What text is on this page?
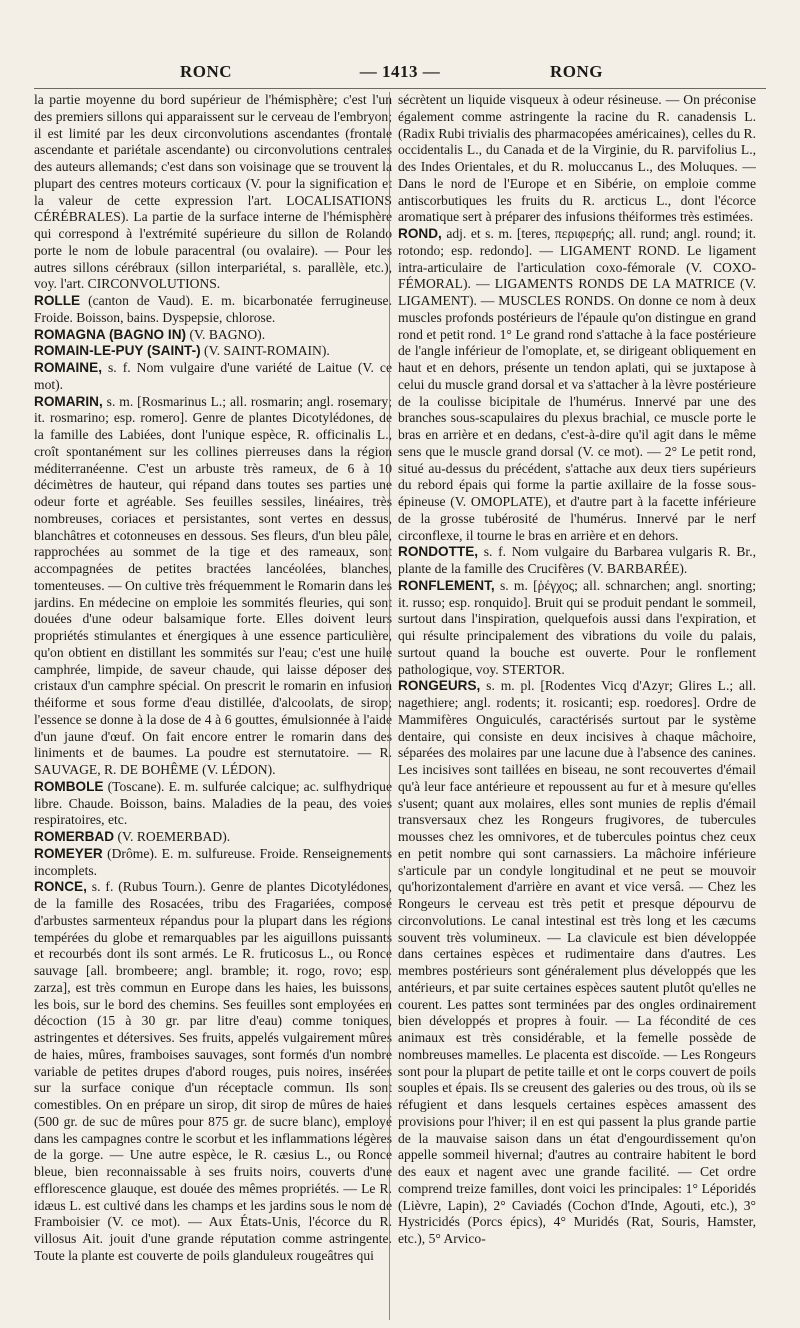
RONC	— 1413 —	RONG

la partie moyenne du bord supérieur de l'hémisphère; c'est l'un des premiers sillons qui apparaissent sur le cerveau de l'embryon; il est limité par les deux circonvolutions ascendantes (frontale ascendante et pariétale ascendante) ou circonvolutions centrales des auteurs allemands; c'est dans son voisinage que se trouvent la plupart des centres moteurs corticaux (V. pour la signification et la valeur de cette expression l'art. LOCALISATIONS CÉRÉBRALES). La partie de la surface interne de l'hémisphère qui correspond à l'extrémité supérieure du sillon de Rolando porte le nom de lobule paracentral (ou ovalaire). — Pour les autres sillons cérébraux (sillon interpariétal, s. parallèle, etc.), voy. l'art. CIRCONVOLUTIONS.

ROLLE

(canton de Vaud). E. m. bicarbonatée ferrugineuse. Froide. Boisson, bains. Dyspepsie, chlorose.

ROMAGNA (BAGNO IN)

(V. BAGNO).

ROMAIN-LE-PUY (SAINT-)

(V. SAINT-ROMAIN).

ROMAINE,

s. f. Nom vulgaire d'une variété de Laitue (V. ce mot).

ROMARIN,

s. m. [Rosmarinus L.; all. rosmarin; angl. rosemary; it. rosmarino; esp. romero]. Genre de plantes Dicotylédones, de la famille des Labiées, dont l'unique espèce, R. officinalis L., croît spontanément sur les collines pierreuses dans la région méditerranéenne. C'est un arbuste très rameux, de 6 à 10 décimètres de hauteur, qui répand dans toutes ses parties une odeur forte et agréable. Ses feuilles sessiles, linéaires, très nombreuses, coriaces et persistantes, sont vertes en dessus, blanchâtres et cotonneuses en dessous. Ses fleurs, d'un bleu pâle, rapprochées au sommet de la tige et des rameaux, sont accompagnées de petites bractées lancéolées, blanches, tomenteuses. — On cultive très fréquemment le Romarin dans les jardins. En médecine on emploie les sommités fleuries, qui sont douées d'une odeur balsamique forte. Elles doivent leurs propriétés stimulantes et énergiques à une essence particulière, qu'on obtient en distillant les sommités sur l'eau; c'est une huile camphrée, limpide, de saveur chaude, qui laisse déposer des cristaux d'un camphre spécial. On prescrit le romarin en infusion théiforme et sous forme d'eau distillée, d'alcoolats, de sirop; l'essence se donne à la dose de 4 à 6 gouttes, émulsionnée à l'aide d'un jaune d'œuf. On fait encore entrer le romarin dans des liniments et de baumes. La poudre est sternutatoire. — R. SAUVAGE, R. DE BOHÊME (V. LÉDON).

ROMBOLE

(Toscane). E. m. sulfurée calcique; ac. sulfhydrique libre. Chaude. Boisson, bains. Maladies de la peau, des voies respiratoires, etc.

ROMERBAD

(V. ROEMERBAD).

ROMEYER

(Drôme). E. m. sulfureuse. Froide. Renseignements incomplets.

RONCE,

s. f. (Rubus Tourn.). Genre de plantes Dicotylédones, de la famille des Rosacées, tribu des Fragariées, composé d'arbustes sarmenteux répandus pour la plupart dans les régions tempérées du globe et remarquables par les aiguillons puissants et recourbés dont ils sont armés. Le R. fruticosus L., ou Ronce sauvage [all. brombeere; angl. bramble; it. rogo, rovo; esp. zarza], est très commun en Europe dans les haies, les buissons, les bois, sur le bord des chemins. Ses feuilles sont employées en décoction (15 à 30 gr. par litre d'eau) comme toniques, astringentes et détersives. Ses fruits, appelés vulgairement mûres de haies, mûres, framboises sauvages, sont formés d'un nombre variable de petites drupes d'abord rouges, puis noires, insérées sur la surface conique d'un réceptacle commun. Ils sont comestibles. On en prépare un sirop, dit sirop de mûres de haies (500 gr. de suc de mûres pour 875 gr. de sucre blanc), employé dans les campagnes contre le scorbut et les inflammations légères de la gorge. — Une autre espèce, le R. cæsius L., ou Ronce bleue, bien reconnaissable à ses fruits noirs, couverts d'une efflorescence glauque, est douée des mêmes propriétés. — Le R. idæus L. est cultivé dans les champs et les jardins sous le nom de Framboisier (V. ce mot). — Aux États-Unis, l'écorce du R. villosus Ait. jouit d'une grande réputation comme astringente. Toute la plante est couverte de poils glanduleux rougeâtres qui

sécrètent un liquide visqueux à odeur résineuse. — On préconise également comme astringente la racine du R. canadensis L. (Radix Rubi trivialis des pharmacopées américaines), celles du R. occidentalis L., du Canada et de la Virginie, du R. parvifolius L., des Indes Orientales, et du R. moluccanus L., des Moluques. — Dans le nord de l'Europe et en Sibérie, on emploie comme antiscorbutiques les fruits du R. arcticus L., dont l'écorce aromatique sert à préparer des infusions théiformes très estimées.

ROND,

adj. et s. m. [teres, περιφερής; all. rund; angl. round; it. rotondo; esp. redondo]. — LIGAMENT ROND. Le ligament intra-articulaire de l'articulation coxo-fémorale (V. COXO-FÉMORAL). — LIGAMENTS RONDS DE LA MATRICE (V. LIGAMENT). — MUSCLES RONDS. On donne ce nom à deux muscles profonds postérieurs de l'épaule qu'on distingue en grand rond et petit rond. 1° Le grand rond s'attache à la face postérieure de l'angle inférieur de l'omoplate, et, se dirigeant obliquement en haut et en dehors, présente un tendon aplati, qui se juxtapose à celui du muscle grand dorsal et va s'attacher à la lèvre postérieure de la coulisse bicipitale de l'humérus. Innervé par une des branches sous-scapulaires du plexus brachial, ce muscle porte le bras en arrière et en dedans, c'est-à-dire qu'il agit dans le même sens que le muscle grand dorsal (V. ce mot). — 2° Le petit rond, situé au-dessus du précédent, s'attache aux deux tiers supérieurs du rebord épais qui forme la partie axillaire de la fosse sous-épineuse (V. OMOPLATE), et d'autre part à la facette inférieure de la grosse tubérosité de l'humérus. Innervé par le nerf circonflexe, il tourne le bras en arrière et en dehors.

RONDOTTE,

s. f. Nom vulgaire du Barbarea vulgaris R. Br., plante de la famille des Crucifères (V. BARBARÉE).

RONFLEMENT,

s. m. [ῥέγχος; all. schnarchen; angl. snorting; it. russo; esp. ronquido]. Bruit qui se produit pendant le sommeil, surtout dans l'inspiration, quelquefois aussi dans l'expiration, et qui résulte principalement des vibrations du voile du palais, surtout quand la bouche est ouverte. Pour le ronflement pathologique, voy. STERTOR.

RONGEURS,

s. m. pl. [Rodentes Vicq d'Azyr; Glires L.; all. nagethiere; angl. rodents; it. rosicanti; esp. roedores]. Ordre de Mammifères Onguiculés, caractérisés surtout par le système dentaire, qui consiste en deux incisives à chaque mâchoire, séparées des molaires par une lacune due à l'absence des canines. Les incisives sont taillées en biseau, ne sont recouvertes d'émail qu'à leur face antérieure et repoussent au fur et à mesure qu'elles s'usent; quant aux molaires, elles sont munies de replis d'émail transversaux chez les Rongeurs frugivores, de tubercules mousses chez les omnivores, et de tubercules pointus chez ceux en petit nombre qui sont carnassiers. La mâchoire inférieure s'articule par un condyle longitudinal et ne peut se mouvoir qu'horizontalement d'arrière en avant et vice versâ. — Chez les Rongeurs le cerveau est très petit et presque dépourvu de circonvolutions. Le canal intestinal est très long et les cæcums souvent très volumineux. — La clavicule est bien développée dans certaines espèces et rudimentaire dans d'autres. Les membres postérieurs sont généralement plus développés que les antérieurs, et par suite certaines espèces sautent plutôt qu'elles ne courent. Les pattes sont terminées par des ongles ordinairement bien développés et propres à fouir. — La fécondité de ces animaux est très considérable, et la femelle possède de nombreuses mamelles. Le placenta est discoïde. — Les Rongeurs sont pour la plupart de petite taille et ont le corps couvert de poils souples et épais. Ils se creusent des galeries ou des trous, où ils se réfugient et dans lesquels certaines espèces amassent des provisions pour l'hiver; il en est qui passent la plus grande partie de la mauvaise saison dans un état d'engourdissement qu'on appelle sommeil hivernal; d'autres au contraire habitent le bord des eaux et nagent avec une grande facilité. — Cet ordre comprend treize familles, dont voici les principales: 1° Léporidés (Lièvre, Lapin), 2° Caviadés (Cochon d'Inde, Agouti, etc.), 3° Hystricidés (Porcs épics), 4° Muridés (Rat, Souris, Hamster, etc.), 5° Arvico-
